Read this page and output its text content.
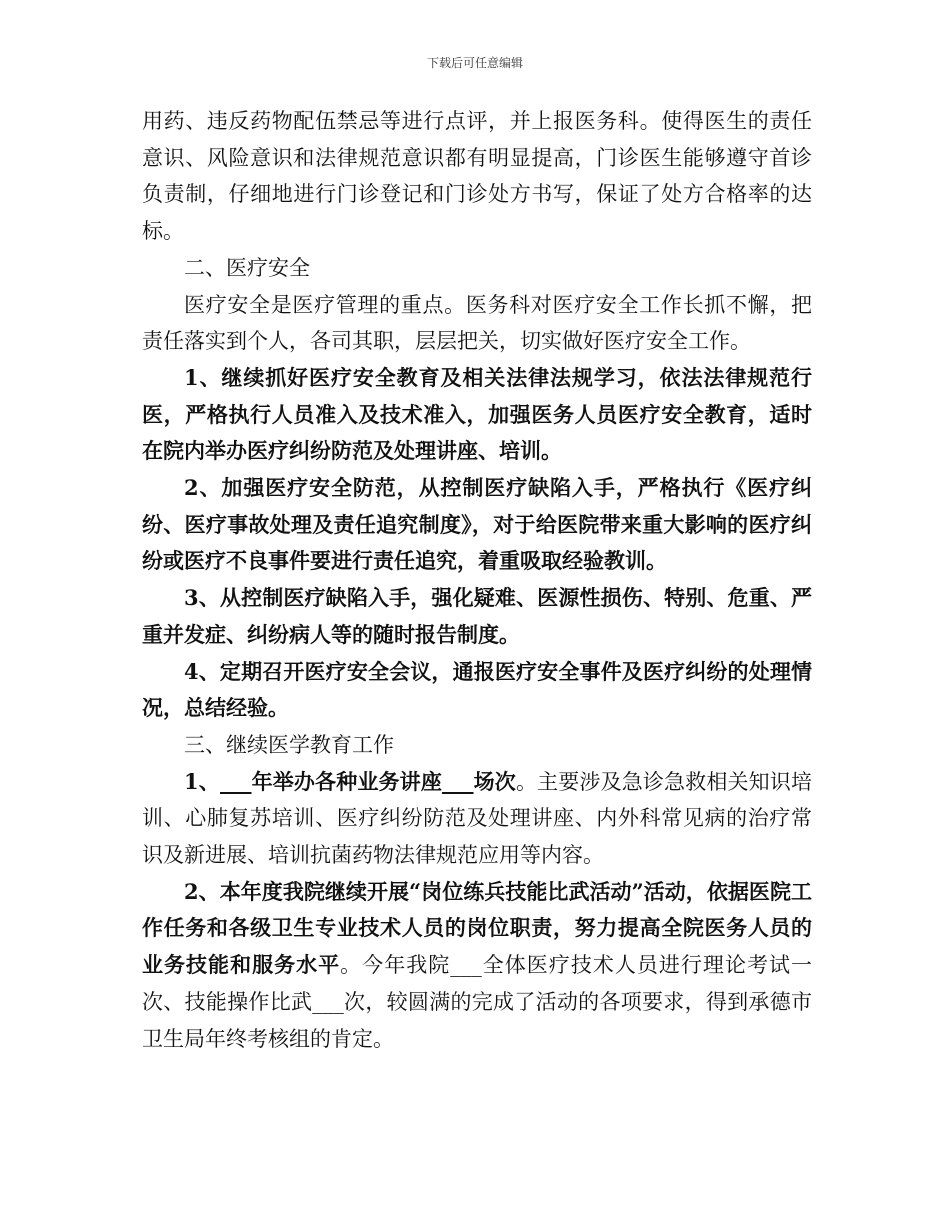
下载后可任意编辑

用药、违反药物配伍禁忌等进行点评，并上报医务科。使得医生的责任意识、风险意识和法律规范意识都有明显提高，门诊医生能够遵守首诊负责制，仔细地进行门诊登记和门诊处方书写，保证了处方合格率的达标。

二、医疗安全

医疗安全是医疗管理的重点。医务科对医疗安全工作长抓不懈，把责任落实到个人，各司其职，层层把关，切实做好医疗安全工作。

1、继续抓好医疗安全教育及相关法律法规学习，依法法律规范行医，严格执行人员准入及技术准入，加强医务人员医疗安全教育，适时在院内举办医疗纠纷防范及处理讲座、培训。

2、加强医疗安全防范，从控制医疗缺陷入手，严格执行《医疗纠纷、医疗事故处理及责任追究制度》，对于给医院带来重大影响的医疗纠纷或医疗不良事件要进行责任追究，着重吸取经验教训。

3、从控制医疗缺陷入手，强化疑难、医源性损伤、特别、危重、严重并发症、纠纷病人等的随时报告制度。

4、定期召开医疗安全会议，通报医疗安全事件及医疗纠纷的处理情况，总结经验。

三、继续医学教育工作

1、___年举办各种业务讲座___场次。主要涉及急诊急救相关知识培训、心肺复苏培训、医疗纠纷防范及处理讲座、内外科常见病的治疗常识及新进展、培训抗菌药物法律规范应用等内容。

2、本年度我院继续开展“岗位练兵技能比武活动”活动，依据医院工作任务和各级卫生专业技术人员的岗位职责，努力提高全院医务人员的业务技能和服务水平。今年我院___全体医疗技术人员进行理论考试一次、技能操作比武___次，较圆满的完成了活动的各项要求，得到承德市卫生局年终考核组的肯定。
